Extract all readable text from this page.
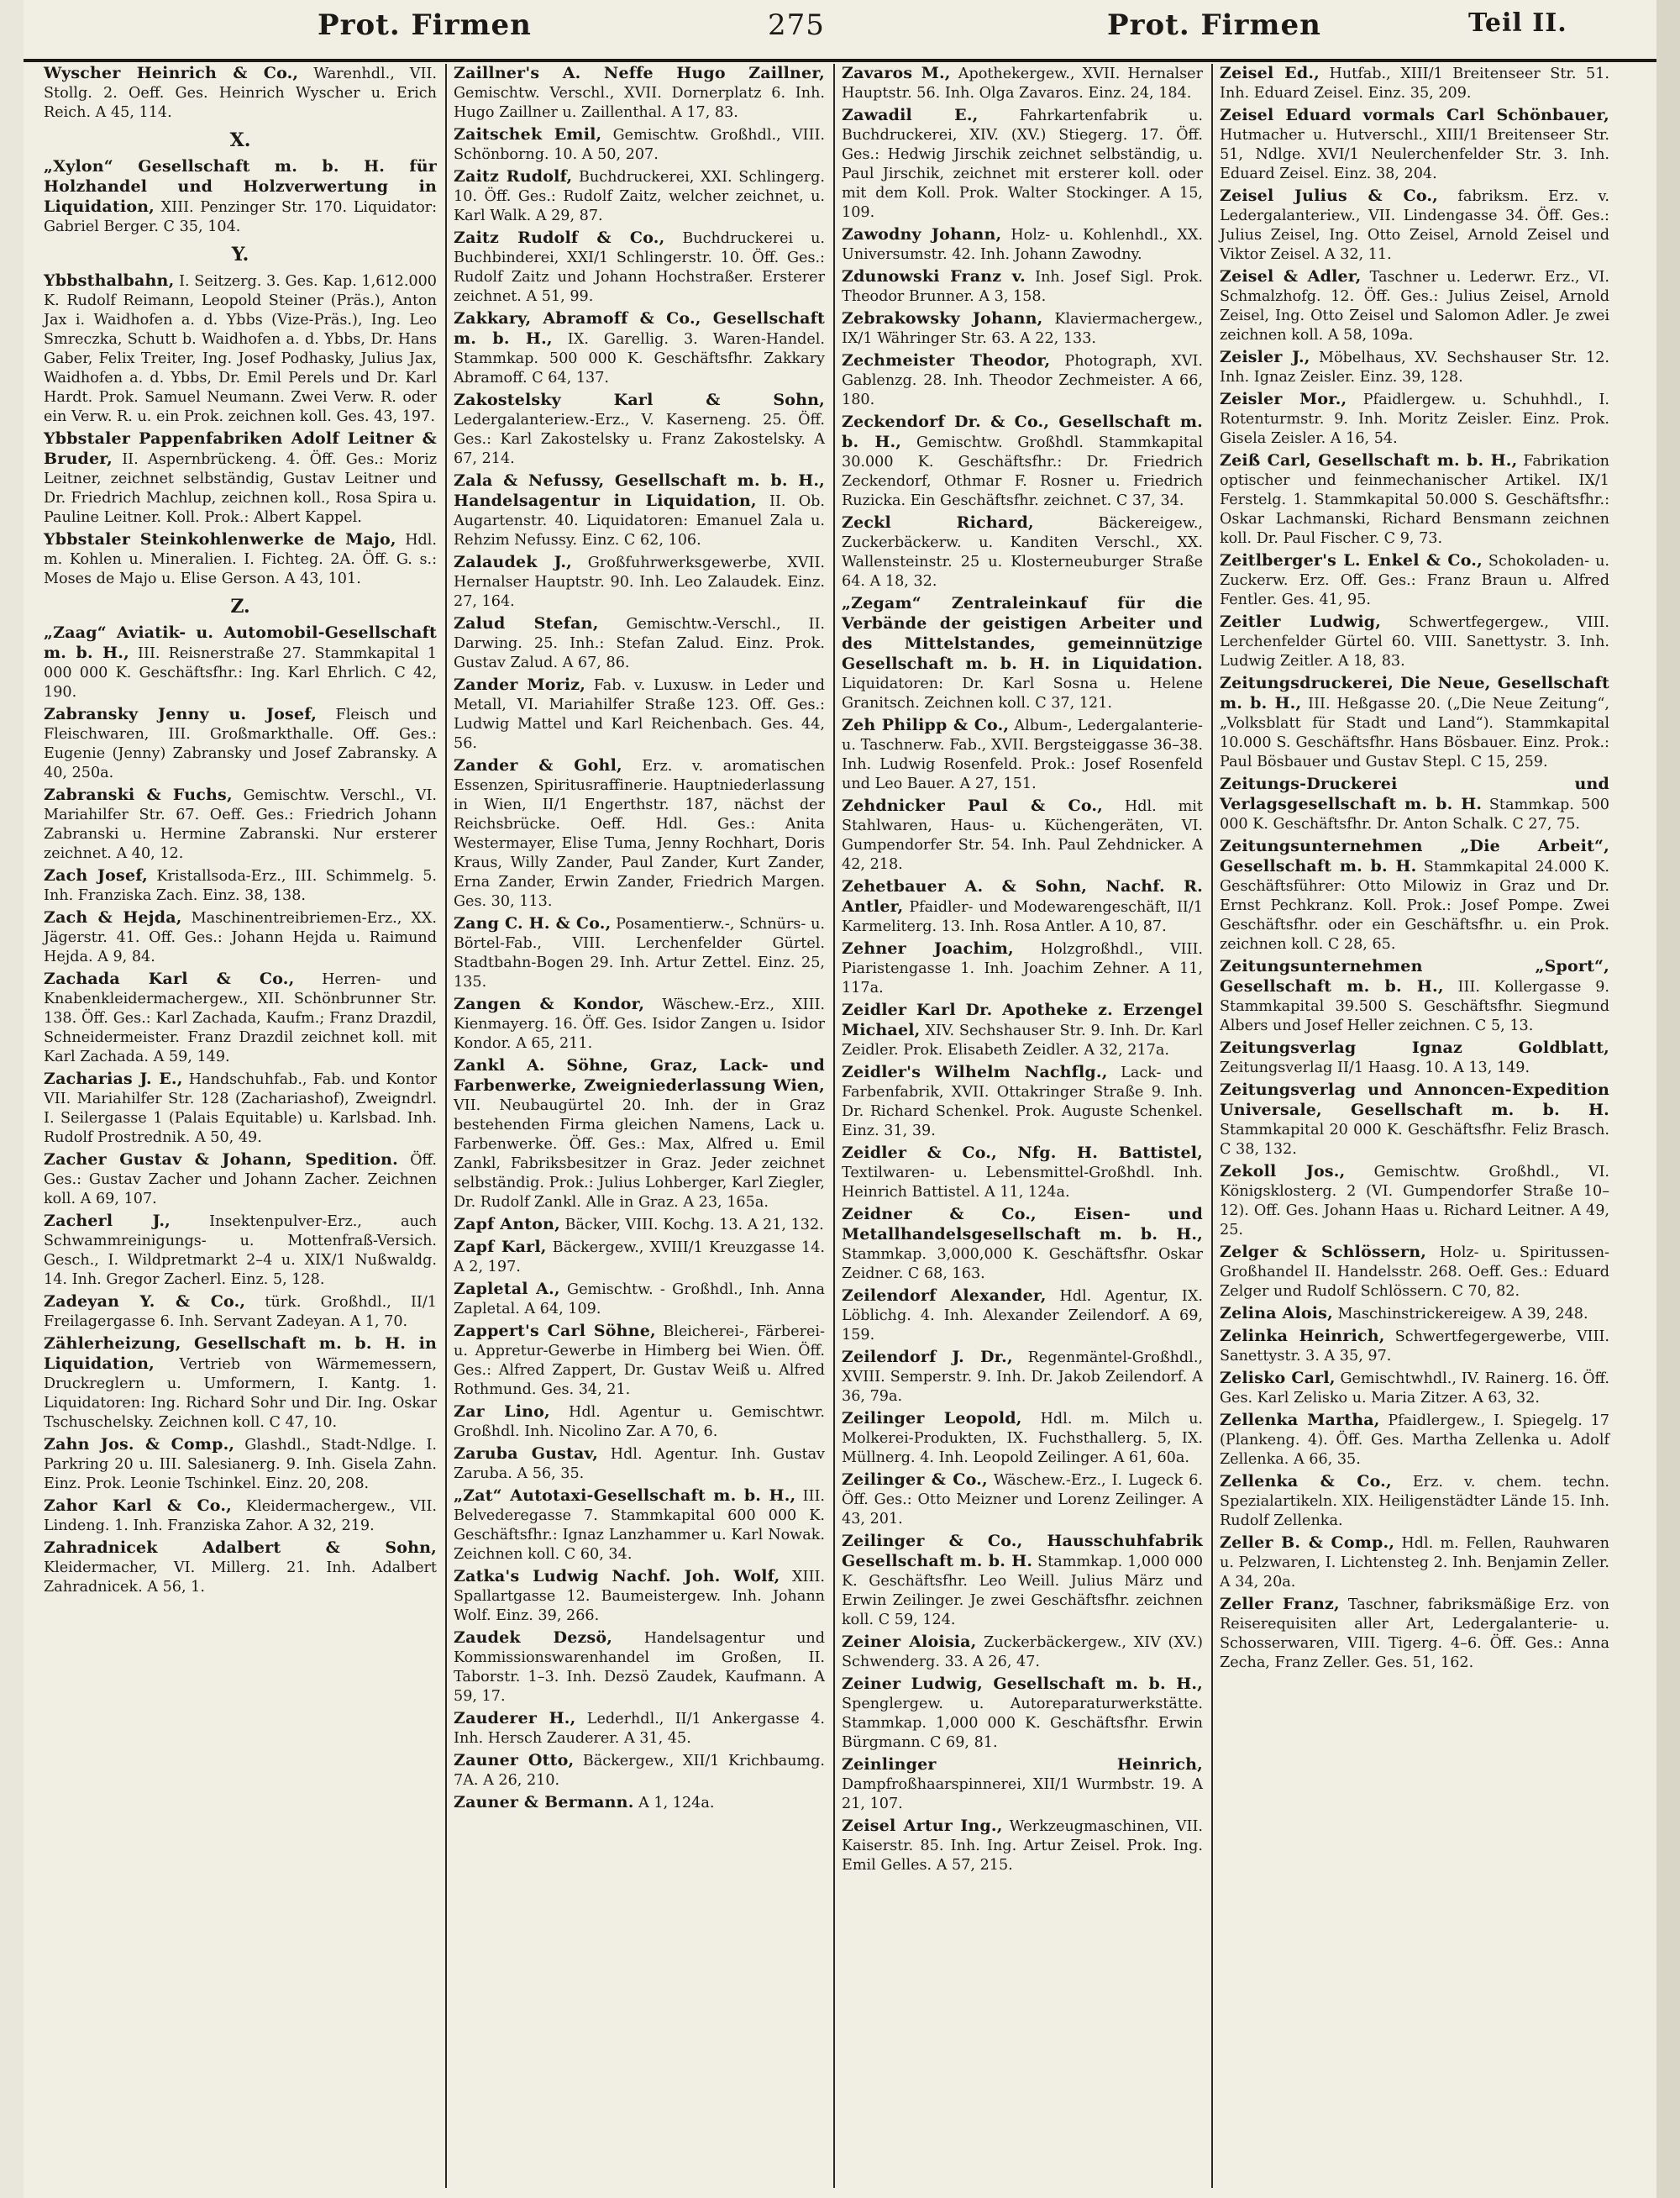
Prot. Firmen	275	Prot. Firmen	Teil II.
Wyscher Heinrich & Co., Warenhdl., VII. Stollg. 2. Oeff. Ges. Heinrich Wyscher u. Erich Reich. A 45, 114.
X.
„Xylon“ Gesellschaft m. b. H. für Holzhandel und Holzverwertung in Liquidation, XIII. Penzinger Str. 170. Liquidator: Gabriel Berger. C 35, 104.
Y.
Ybbsthalbahn, I. Seitzerg. 3. Ges. Kap. 1,612.000 K. Rudolf Reimann, Leopold Steiner (Präs.), Anton Jax i. Waidhofen a. d. Ybbs (Vize-Präs.), Ing. Leo Smreczka, Schutt b. Waidhofen a. d. Ybbs, Dr. Hans Gaber, Felix Treiter, Ing. Josef Podhasky, Julius Jax, Waidhofen a. d. Ybbs, Dr. Emil Perels und Dr. Karl Hardt. Prok. Samuel Neumann. Zwei Verw. R. oder ein Verw. R. u. ein Prok. zeichnen koll. Ges. 43, 197.
Ybbstaler Pappenfabriken Adolf Leitner & Bruder, II. Aspernbrückeng. 4. Öff. Ges.: Moriz Leitner, zeichnet selbständig, Gustav Leitner und Dr. Friedrich Machlup, zeichnen koll., Rosa Spira u. Pauline Leitner. Koll. Prok.: Albert Kappel.
Ybbstaler Steinkohlenwerke de Majo, Hdl. m. Kohlen u. Mineralien. I. Fichteg. 2A. Öff. G. s.: Moses de Majo u. Elise Gerson. A 43, 101.
Z.
„Zaag“ Aviatik- u. Automobil-Gesellschaft m. b. H., III. Reisnerstraße 27. Stammkapital 1 000 000 K. Geschäftsfhr.: Ing. Karl Ehrlich. C 42, 190.
Zabransky Jenny u. Josef, Fleisch und Fleischwaren, III. Großmarkthalle. Off. Ges.: Eugenie (Jenny) Zabransky und Josef Zabransky. A 40, 250a.
Zabranski & Fuchs, Gemischtw. Verschl., VI. Mariahilfer Str. 67. Oeff. Ges.: Friedrich Johann Zabranski u. Hermine Zabranski. Nur ersterer zeichnet. A 40, 12.
Zach Josef, Kristallsoda-Erz., III. Schimmelg. 5. Inh. Franziska Zach. Einz. 38, 138.
Zach & Hejda, Maschinentreibriemen-Erz., XX. Jägerstr. 41. Off. Ges.: Johann Hejda u. Raimund Hejda. A 9, 84.
Zachada Karl & Co., Herren- und Knabenkleidermachergew., XII. Schönbrunner Str. 138. Öff. Ges.: Karl Zachada, Kaufm.; Franz Drazdil, Schneidermeister. Franz Drazdil zeichnet koll. mit Karl Zachada. A 59, 149.
Zacharias J. E., Handschuhfab., Fab. und Kontor VII. Mariahilfer Str. 128 (Zachariashof), Zweigndrl. I. Seilergasse 1 (Palais Equitable) u. Karlsbad. Inh. Rudolf Prostrednik. A 50, 49.
Zacher Gustav & Johann, Spedition. Öff. Ges.: Gustav Zacher und Johann Zacher. Zeichnen koll. A 69, 107.
Zacherl J.,	Insektenpulver-Erz., auch Schwammreinigungs- u. Mottenfraß-Versich. Gesch., I. Wildpretmarkt 2–4 u. XIX/1 Nußwaldg. 14. Inh. Gregor Zacherl. Einz. 5, 128.
Zadeyan Y. & Co., türk. Großhdl., II/1 Freilagergasse 6. Inh. Servant Zadeyan. A 1, 70.
Zählerheizung, Gesellschaft m. b. H. in Liquidation, Vertrieb von Wärmemessern, Druckreglern u. Umformern, I. Kantg. 1. Liquidatoren: Ing. Richard Sohr und Dir. Ing. Oskar Tschuschelsky. Zeichnen koll. C 47, 10.
Zahn Jos. & Comp., Glashdl., Stadt-Ndlge. I. Parkring 20 u. III. Salesianerg. 9. Inh. Gisela Zahn. Einz. Prok. Leonie Tschinkel. Einz. 20, 208.
Zahor Karl & Co., Kleidermachergew., VII. Lindeng. 1. Inh. Franziska Zahor. A 32, 219.
Zahradnicek Adalbert & Sohn, Kleidermacher, VI. Millerg. 21. Inh. Adalbert Zahradnicek. A 56, 1.
Zaillner's A. Neffe Hugo Zaillner, Gemischtw. Verschl., XVII. Dornerplatz 6. Inh. Hugo Zaillner u. Zaillenthal. A 17, 83.
Zaitschek Emil, Gemischtw. Großhdl., VIII. Schönborng. 10. A 50, 207.
Zaitz Rudolf, Buchdruckerei, XXI. Schlingerg. 10. Öff. Ges.: Rudolf Zaitz, welcher zeichnet, u. Karl Walk. A 29, 87.
Zaitz Rudolf & Co., Buchdruckerei u. Buchbinderei, XXI/1 Schlingerstr. 10. Öff. Ges.: Rudolf Zaitz und Johann Hochstraßer. Ersterer zeichnet. A 51, 99.
Zakkary, Abramoff & Co., Gesellschaft m. b. H., IX. Garellig. 3. Waren-Handel. Stammkap. 500 000 K. Geschäftsfhr. Zakkary Abramoff. C 64, 137.
Zakostelsky Karl & Sohn, Ledergalanteriew.-Erz., V. Kaserneng. 25. Öff. Ges.: Karl Zakostelsky u. Franz Zakostelsky. A 67, 214.
Zala & Nefussy, Gesellschaft m. b. H., Handelsagentur in Liquidation, II. Ob. Augartenstr. 40. Liquidatoren: Emanuel Zala u. Rehzim Nefussy. Einz. C 62, 106.
Zalaudek J., Großfuhrwerksgewerbe, XVII. Hernalser Hauptstr. 90. Inh. Leo Zalaudek. Einz. 27, 164.
Zalud Stefan, Gemischtw.-Verschl., II. Darwing. 25. Inh.: Stefan Zalud. Einz. Prok. Gustav Zalud. A 67, 86.
Zander Moriz, Fab. v. Luxusw. in Leder und Metall, VI. Mariahilfer Straße 123. Off. Ges.: Ludwig Mattel und Karl Reichenbach. Ges. 44, 56.
Zander & Gohl, Erz. v. aromatischen Essenzen, Spiritusraffinerie. Hauptniederlassung in Wien, II/1 Engerthstr. 187, nächst der Reichsbrücke. Oeff. Hdl. Ges.: Anita Westermayer, Elise Tuma, Jenny Rochhart, Doris Kraus, Willy Zander, Paul Zander, Kurt Zander, Erna Zander, Erwin Zander, Friedrich Margen. Ges. 30, 113.
Zang C. H. & Co., Posamentierw.-, Schnürs- u. Börtel-Fab., VIII. Lerchenfelder Gürtel. Stadtbahn-Bogen 29. Inh. Artur Zettel. Einz. 25, 135.
Zangen & Kondor, Wäschew.-Erz., XIII. Kienmayerg. 16. Öff. Ges. Isidor Zangen u. Isidor Kondor. A 65, 211.
Zankl A. Söhne, Graz, Lack- und Farbenwerke, Zweigniederlassung Wien, VII. Neubaugürtel 20. Inh. der in Graz bestehenden Firma gleichen Namens, Lack u. Farbenwerke. Öff. Ges.: Max, Alfred u. Emil Zankl, Fabriksbesitzer in Graz. Jeder zeichnet selbständig. Prok.: Julius Lohberger, Karl Ziegler, Dr. Rudolf Zankl. Alle in Graz. A 23, 165a.
Zapf Anton, Bäcker, VIII. Kochg. 13. A 21, 132.
Zapf Karl, Bäckergew., XVIII/1 Kreuzgasse 14. A 2, 197.
Zapletal A., Gemischtw. - Großhdl., Inh. Anna Zapletal. A 64, 109.
Zappert's Carl Söhne, Bleicherei-, Färberei- u. Appretur-Gewerbe in Himberg bei Wien. Öff. Ges.: Alfred Zappert, Dr. Gustav Weiß u. Alfred Rothmund. Ges. 34, 21.
Zar Lino, Hdl. Agentur u. Gemischtwr. Großhdl. Inh. Nicolino Zar. A 70, 6.
Zaruba Gustav, Hdl. Agentur. Inh. Gustav Zaruba. A 56, 35.
„Zat“ Autotaxi-Gesellschaft m. b. H., III. Belvederegasse 7. Stammkapital 600 000 K. Geschäftsfhr.: Ignaz Lanzhammer u. Karl Nowak. Zeichnen koll. C 60, 34.
Zatka's Ludwig Nachf. Joh. Wolf, XIII. Spallartgasse 12. Baumeistergew. Inh. Johann Wolf. Einz. 39, 266.
Zaudek Dezsö, Handelsagentur und Kommissionswarenhandel im Großen, II. Taborstr. 1–3. Inh. Dezsö Zaudek, Kaufmann. A 59, 17.
Zauderer H., Lederhdl., II/1 Ankergasse 4. Inh. Hersch Zauderer. A 31, 45.
Zauner Otto, Bäckergew., XII/1 Krichbaumg. 7A. A 26, 210.
Zauner & Bermann. A 1, 124a.
Zavaros M., Apothekergew., XVII. Hernalser Hauptstr. 56. Inh. Olga Zavaros. Einz. 24, 184.
Zawadil E.,	Fahrkartenfabrik u. Buchdruckerei, XIV. (XV.) Stiegerg. 17. Öff. Ges.: Hedwig Jirschik zeichnet selbständig, u. Paul Jirschik, zeichnet mit ersterer koll. oder mit dem Koll. Prok. Walter Stockinger. A 15, 109.
Zawodny Johann, Holz- u. Kohlenhdl., XX. Universumstr. 42. Inh. Johann Zawodny.
Zdunowski Franz v. Inh. Josef Sigl. Prok. Theodor Brunner. A 3, 158.
Zebrakowsky Johann, Klaviermachergew., IX/1 Währinger Str. 63. A 22, 133.
Zechmeister Theodor, Photograph, XVI. Gablenzg. 28. Inh. Theodor Zechmeister. A 66, 180.
Zeckendorf Dr. & Co., Gesellschaft m. b. H., Gemischtw. Großhdl. Stammkapital 30.000 K. Geschäftsfhr.: Dr. Friedrich Zeckendorf, Othmar F. Rosner u. Friedrich Ruzicka. Ein Geschäftsfhr. zeichnet. C 37, 34.
Zeckl Richard,	Bäckereigew., Zuckerbäckerw. u. Kanditen Verschl., XX. Wallensteinstr. 25 u. Klosterneuburger Straße 64. A 18, 32.
„Zegam“ Zentraleinkauf für die Verbände der geistigen Arbeiter und des Mittelstandes, gemeinnützige Gesellschaft m. b. H. in Liquidation. Liquidatoren: Dr. Karl Sosna u. Helene Granitsch. Zeichnen koll. C 37, 121.
Zeh Philipp & Co., Album-, Ledergalanterie- u. Taschnerw. Fab., XVII. Bergsteiggasse 36–38. Inh. Ludwig Rosenfeld. Prok.: Josef Rosenfeld und Leo Bauer. A 27, 151.
Zehdnicker Paul & Co., Hdl. mit Stahlwaren, Haus- u. Küchengeräten, VI. Gumpendorfer Str. 54. Inh. Paul Zehdnicker. A 42, 218.
Zehetbauer A. & Sohn, Nachf. R. Antler, Pfaidler- und Modewarengeschäft, II/1 Karmeliterg. 13. Inh. Rosa Antler. A 10, 87.
Zehner Joachim, Holzgroßhdl., VIII. Piaristengasse 1. Inh. Joachim Zehner. A 11, 117a.
Zeidler Karl Dr. Apotheke z. Erzengel Michael, XIV. Sechshauser Str. 9. Inh. Dr. Karl Zeidler. Prok. Elisabeth Zeidler. A 32, 217a.
Zeidler's Wilhelm Nachflg., Lack- und Farbenfabrik, XVII. Ottakringer Straße 9. Inh. Dr. Richard Schenkel. Prok. Auguste Schenkel. Einz. 31, 39.
Zeidler & Co., Nfg. H. Battistel, Textilwaren- u. Lebensmittel-Großhdl. Inh. Heinrich Battistel. A 11, 124a.
Zeidner & Co., Eisen- und Metallhandelsgesellschaft m. b. H., Stammkap. 3,000,000 K. Geschäftsfhr. Oskar Zeidner. C 68, 163.
Zeilendorf Alexander, Hdl. Agentur, IX. Löblichg. 4. Inh. Alexander Zeilendorf. A 69, 159.
Zeilendorf J. Dr., Regenmäntel-Großhdl., XVIII. Semperstr. 9. Inh. Dr. Jakob Zeilendorf. A 36, 79a.
Zeilinger Leopold, Hdl. m. Milch u. Molkerei-Produkten, IX. Fuchsthallerg. 5, IX. Müllnerg. 4. Inh. Leopold Zeilinger. A 61, 60a.
Zeilinger & Co., Wäschew.-Erz., I. Lugeck 6. Öff. Ges.: Otto Meizner und Lorenz Zeilinger. A 43, 201.
Zeilinger & Co., Hausschuhfabrik Gesellschaft m. b. H. Stammkap. 1,000 000 K. Geschäftsfhr. Leo Weill. Julius März und Erwin Zeilinger. Je zwei Geschäftsfhr. zeichnen koll. C 59, 124.
Zeiner Aloisia, Zuckerbäckergew., XIV (XV.) Schwenderg. 33. A 26, 47.
Zeiner Ludwig, Gesellschaft m. b. H., Spenglergew. u. Autoreparaturwerkstätte. Stammkap. 1,000 000 K. Geschäftsfhr. Erwin Bürgmann. C 69, 81.
Zeinlinger Heinrich, Dampfroßhaarspinnerei, XII/1 Wurmbstr. 19. A 21, 107.
Zeisel Artur Ing., Werkzeugmaschinen, VII. Kaiserstr. 85. Inh. Ing. Artur Zeisel. Prok. Ing. Emil Gelles. A 57, 215.
Zeisel Ed., Hutfab., XIII/1 Breitenseer Str. 51. Inh. Eduard Zeisel. Einz. 35, 209.
Zeisel Eduard vormals Carl Schönbauer, Hutmacher u. Hutverschl., XIII/1 Breitenseer Str. 51, Ndlge. XVI/1 Neulerchenfelder Str. 3. Inh. Eduard Zeisel. Einz. 38, 204.
Zeisel Julius & Co., fabriksm. Erz. v. Ledergalanteriew., VII. Lindengasse 34. Öff. Ges.: Julius Zeisel, Ing. Otto Zeisel, Arnold Zeisel und Viktor Zeisel. A 32, 11.
Zeisel & Adler, Taschner u. Lederwr. Erz., VI. Schmalzhofg. 12. Öff. Ges.: Julius Zeisel, Arnold Zeisel, Ing. Otto Zeisel und Salomon Adler. Je zwei zeichnen koll. A 58, 109a.
Zeisler J., Möbelhaus, XV. Sechshauser Str. 12. Inh. Ignaz Zeisler. Einz. 39, 128.
Zeisler Mor., Pfaidlergew. u. Schuhhdl., I. Rotenturmstr. 9. Inh. Moritz Zeisler. Einz. Prok. Gisela Zeisler. A 16, 54.
Zeiß Carl, Gesellschaft m. b. H., Fabrikation optischer und feinmechanischer Artikel. IX/1 Ferstelg. 1. Stammkapital 50.000 S. Geschäftsfhr.: Oskar Lachmanski, Richard Bensmann zeichnen koll. Dr. Paul Fischer. C 9, 73.
Zeitlberger's L. Enkel & Co., Schokoladen- u. Zuckerw. Erz. Off. Ges.: Franz Braun u. Alfred Fentler. Ges. 41, 95.
Zeitler Ludwig, Schwertfegergew., VIII. Lerchenfelder Gürtel 60. VIII. Sanettystr. 3. Inh. Ludwig Zeitler. A 18, 83.
Zeitungsdruckerei, Die Neue, Gesellschaft m. b. H., III. Heßgasse 20. („Die Neue Zeitung“, „Volksblatt für Stadt und Land“). Stammkapital 10.000 S. Geschäftsfhr. Hans Bösbauer. Einz. Prok.: Paul Bösbauer und Gustav Stepl. C 15, 259.
Zeitungs-Druckerei und Verlagsgesellschaft m. b. H. Stammkap. 500 000 K. Geschäftsfhr. Dr. Anton Schalk. C 27, 75.
Zeitungsunternehmen „Die Arbeit“, Gesellschaft m. b. H. Stammkapital 24.000 K. Geschäftsführer: Otto Milowiz in Graz und Dr. Ernst Pechkranz. Koll. Prok.: Josef Pompe. Zwei Geschäftsfhr. oder ein Geschäftsfhr. u. ein Prok. zeichnen koll. C 28, 65.
Zeitungsunternehmen „Sport“, Gesellschaft m. b. H., III. Kollergasse 9. Stammkapital 39.500 S. Geschäftsfhr. Siegmund Albers und Josef Heller zeichnen. C 5, 13.
Zeitungsverlag Ignaz Goldblatt, Zeitungsverlag II/1 Haasg. 10. A 13, 149.
Zeitungsverlag und Annoncen-Expedition Universale, Gesellschaft m. b. H. Stammkapital 20 000 K. Geschäftsfhr. Feliz Brasch. C 38, 132.
Zekoll Jos., Gemischtw. Großhdl., VI. Königsklosterg. 2 (VI. Gumpendorfer Straße 10–12). Off. Ges. Johann Haas u. Richard Leitner. A 49, 25.
Zelger & Schlössern, Holz- u. Spiritussen-Großhandel II. Handelsstr. 268. Oeff. Ges.: Eduard Zelger und Rudolf Schlössern. C 70, 82.
Zelina Alois, Maschinstrickereigew. A 39, 248.
Zelinka Heinrich, Schwertfegergewerbe, VIII. Sanettystr. 3. A 35, 97.
Zelisko Carl, Gemischtwhdl., IV. Rainerg. 16. Öff. Ges. Karl Zelisko u. Maria Zitzer. A 63, 32.
Zellenka Martha, Pfaidlergew., I. Spiegelg. 17 (Plankeng. 4). Öff. Ges. Martha Zellenka u. Adolf Zellenka. A 66, 35.
Zellenka & Co., Erz. v. chem. techn. Spezialartikeln. XIX. Heiligenstädter Lände 15. Inh. Rudolf Zellenka.
Zeller B. & Comp., Hdl. m. Fellen, Rauhwaren u. Pelzwaren, I. Lichtensteg 2. Inh. Benjamin Zeller. A 34, 20a.
Zeller Franz, Taschner, fabriksmäßige Erz. von Reiserequisiten aller Art, Ledergalanterie- u. Schosserwaren, VIII. Tigerg. 4–6. Öff. Ges.: Anna Zecha, Franz Zeller. Ges. 51, 162.
